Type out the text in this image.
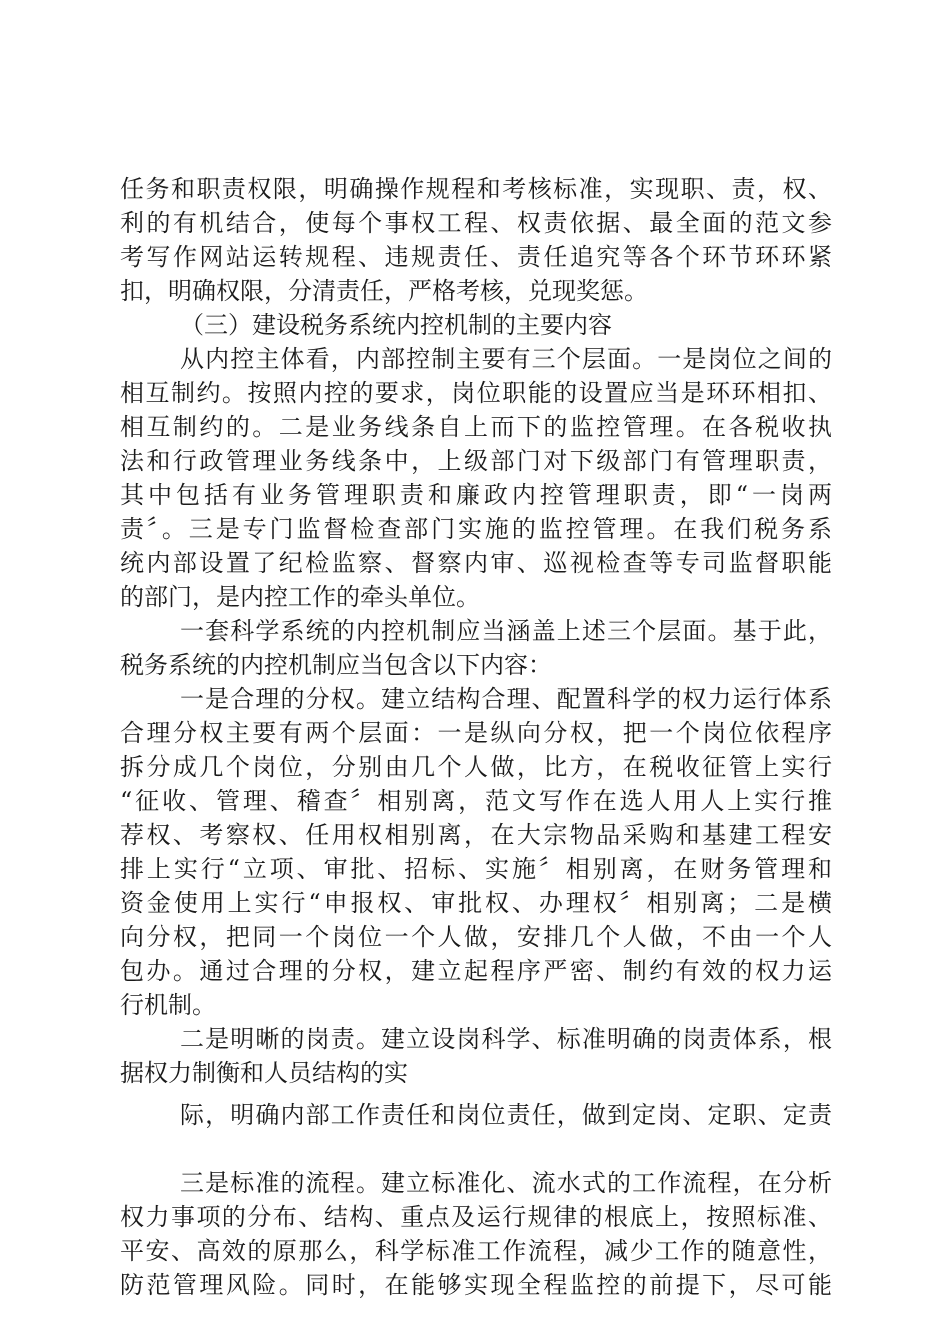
任务和职责权限，明确操作规程和考核标准，实现职、责，权、
利的有机结合，使每个事权工程、权责依据、最全面的范文参
考写作网站运转规程、违规责任、责任追究等各个环节环环紧
扣，明确权限，分清责任，严格考核，兑现奖惩。
（三）建设税务系统内控机制的主要内容
从内控主体看，内部控制主要有三个层面。一是岗位之间的
相互制约。按照内控的要求，岗位职能的设置应当是环环相扣、
相互制约的。二是业务线条自上而下的监控管理。在各税收执
法和行政管理业务线条中，上级部门对下级部门有管理职责，
其中包括有业务管理职责和廉政内控管理职责，即“一岗两
责〞。三是专门监督检查部门实施的监控管理。在我们税务系
统内部设置了纪检监察、督察内审、巡视检查等专司监督职能
的部门，是内控工作的牵头单位。
一套科学系统的内控机制应当涵盖上述三个层面。基于此，
税务系统的内控机制应当包含以下内容：
一是合理的分权。建立结构合理、配置科学的权力运行体系
合理分权主要有两个层面：一是纵向分权，把一个岗位依程序
拆分成几个岗位，分别由几个人做，比方，在税收征管上实行
“征收、管理、稽查〞相别离，范文写作在选人用人上实行推
荐权、考察权、任用权相别离，在大宗物品采购和基建工程安
排上实行“立项、审批、招标、实施〞相别离，在财务管理和
资金使用上实行“申报权、审批权、办理权〞相别离；二是横
向分权，把同一个岗位一个人做，安排几个人做，不由一个人
包办。通过合理的分权，建立起程序严密、制约有效的权力运
行机制。
二是明晰的岗责。建立设岗科学、标准明确的岗责体系，根
据权力制衡和人员结构的实
际，明确内部工作责任和岗位责任，做到定岗、定职、定责
三是标准的流程。建立标准化、流水式的工作流程，在分析
权力事项的分布、结构、重点及运行规律的根底上，按照标准、
平安、高效的原那么，科学标准工作流程，减少工作的随意性，
防范管理风险。同时，在能够实现全程监控的前提下，尽可能
